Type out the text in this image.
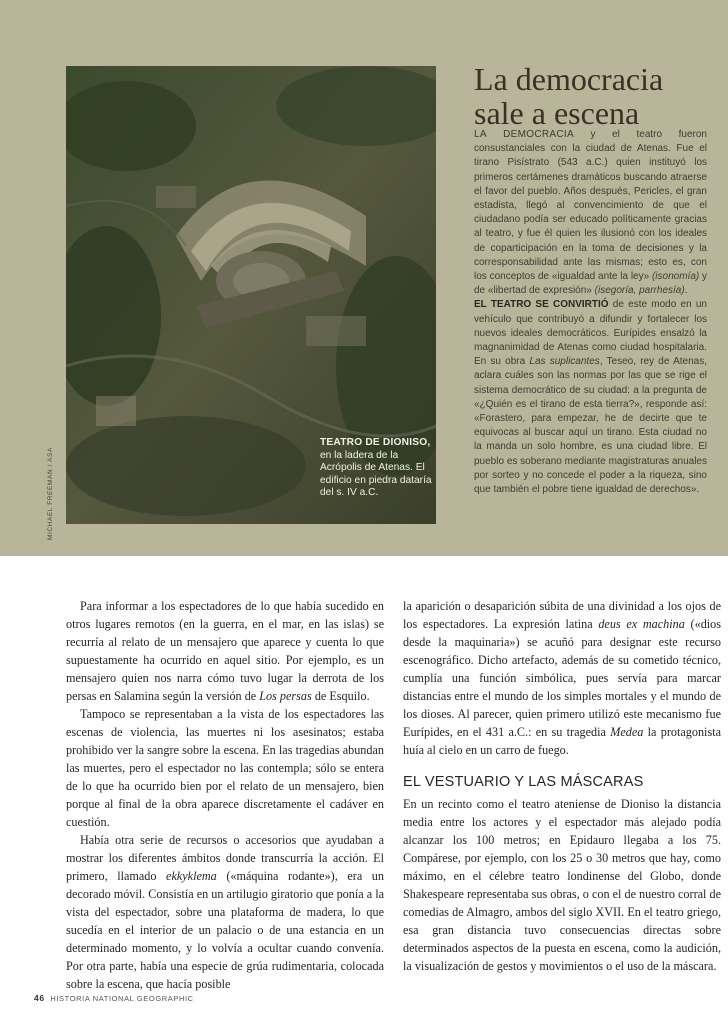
TEATRO DE DIONISO,
en la ladera de la Acrópolis de Atenas. El edificio en piedra dataría del s. IV a.C.
MICHAEL FREEMAN / ASA
La democracia
sale a escena

LA DEMOCRACIA y el teatro fueron consustanciales con la ciudad de Atenas. Fue el tirano Pisístrato (543 a.C.) quien instituyó los primeros certámenes dramáticos buscando atraerse el favor del pueblo. Años después, Pericles, el gran estadista, llegó al convencimiento de que el ciudadano podía ser educado políticamente gracias al teatro, y fue él quien les ilusionó con los ideales de coparticipación en la toma de decisiones y la corresponsabilidad ante las mismas; esto es, con los conceptos de «igualdad ante la ley» (isonomía) y de «libertad de expresión» (isegoría, parrhesía).

EL TEATRO SE CONVIRTIÓ de este modo en un vehículo que contribuyó a difundir y fortalecer los nuevos ideales democráticos. Eurípides ensalzó la magnanimidad de Atenas como ciudad hospitalaria. En su obra Las suplicantes, Teseo, rey de Atenas, aclara cuáles son las normas por las que se rige el sistema democrático de su ciudad: a la pregunta de «¿Quién es el tirano de esta tierra?», responde así: «Forastero, para empezar, he de decirte que te equivocas al buscar aquí un tirano. Esta ciudad no la manda un solo hombre, es una ciudad libre. El pueblo es soberano mediante magistraturas anuales por sorteo y no concede el poder a la riqueza, sino que también el pobre tiene igualdad de derechos».

Para informar a los espectadores de lo que había sucedido en otros lugares remotos (en la guerra, en el mar, en las islas) se recurría al relato de un mensajero que aparece y cuenta lo que supuestamente ha ocurrido en aquel sitio. Por ejemplo, es un mensajero quien nos narra cómo tuvo lugar la derrota de los persas en Salamina según la versión de Los persas de Esquilo.

Tampoco se representaban a la vista de los espectadores las escenas de violencia, las muertes ni los asesinatos; estaba prohibido ver la sangre sobre la escena. En las tragedias abundan las muertes, pero el espectador no las contempla; sólo se entera de lo que ha ocurrido bien por el relato de un mensajero, bien porque al final de la obra aparece discretamente el cadáver en cuestión.

Había otra serie de recursos o accesorios que ayudaban a mostrar los diferentes ámbitos donde transcurría la acción. El primero, llamado ekkyklema («máquina rodante»), era un decorado móvil. Consistía en un artilugio giratorio que ponía a la vista del espectador, sobre una plataforma de madera, lo que sucedía en el interior de un palacio o de una estancia en un determinado momento, y lo volvía a ocultar cuando convenía. Por otra parte, había una especie de grúa rudimentaria, colocada sobre la escena, que hacía posible

la aparición o desaparición súbita de una divinidad a los ojos de los espectadores. La expresión latina deus ex machina («dios desde la maquinaria») se acuñó para designar este recurso escenográfico. Dicho artefacto, además de su cometido técnico, cumplía una función simbólica, pues servía para marcar distancias entre el mundo de los simples mortales y el mundo de los dioses. Al parecer, quien primero utilizó este mecanismo fue Eurípides, en el 431 a.C.: en su tragedia Medea la protagonista huía al cielo en un carro de fuego.

EL VESTUARIO Y LAS MÁSCARAS

En un recinto como el teatro ateniense de Dioniso la distancia media entre los actores y el espectador más alejado podía alcanzar los 100 metros; en Epidauro llegaba a los 75. Compárese, por ejemplo, con los 25 o 30 metros que hay, como máximo, en el célebre teatro londinense del Globo, donde Shakespeare representaba sus obras, o con el de nuestro corral de comedias de Almagro, ambos del siglo XVII. En el teatro griego, esa gran distancia tuvo consecuencias directas sobre determinados aspectos de la puesta en escena, como la audición, la visualización de gestos y movimientos o el uso de la máscara.

46 HISTORIA NATIONAL GEOGRAPHIC
